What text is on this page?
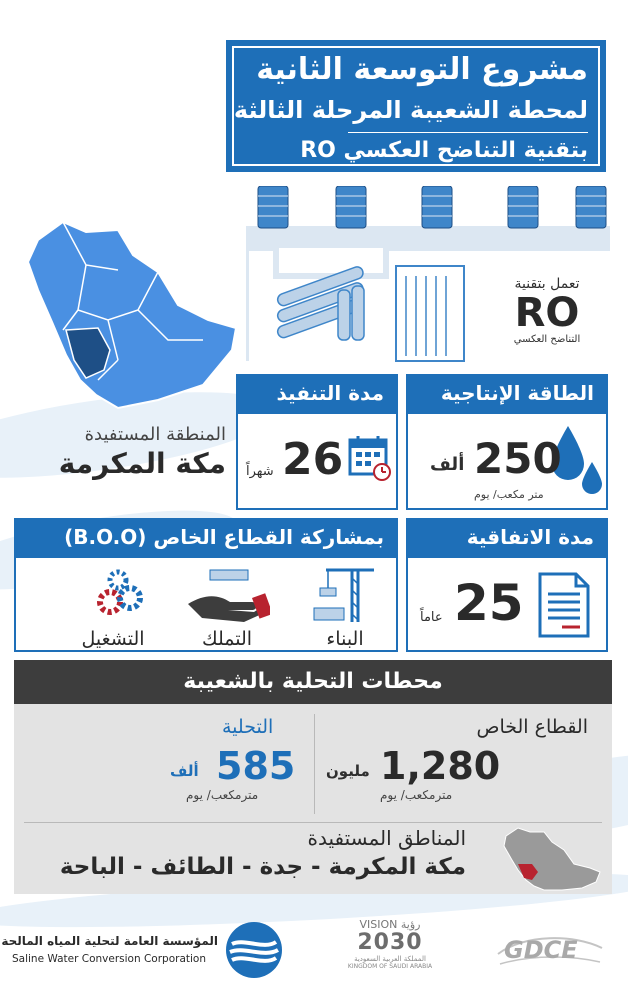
مشروع التوسعة الثانية
لمحطة الشعيبة المرحلة الثالثة
بتقنية التناضح العكسي RO
تعمل بتقنية
RO
التناضح العكسي
الطاقة الإنتاجية
250
ألف
متر مكعب/ يوم
مدة التنفيذ
26
شهراً
المنطقة المستفيدة
مكة المكرمة
مدة الاتفاقية
25
عاماً
بمشاركة القطاع الخاص (B.O.O)
البناء
التملك
التشغيل
محطات التحلية بالشعيبة
القطاع الخاص
1,280
مليون
مترمكعب/ يوم
التحلية
585
ألف
مترمكعب/ يوم
المناطق المستفيدة
مكة المكرمة - جدة - الطائف - الباحة
المؤسسة العامة لتحلية المياه المالحة
Saline Water Conversion Corporation
VISION رؤية
2030
المملكة العربية السعودية
KINGDOM OF SAUDI ARABIA
GDCE
